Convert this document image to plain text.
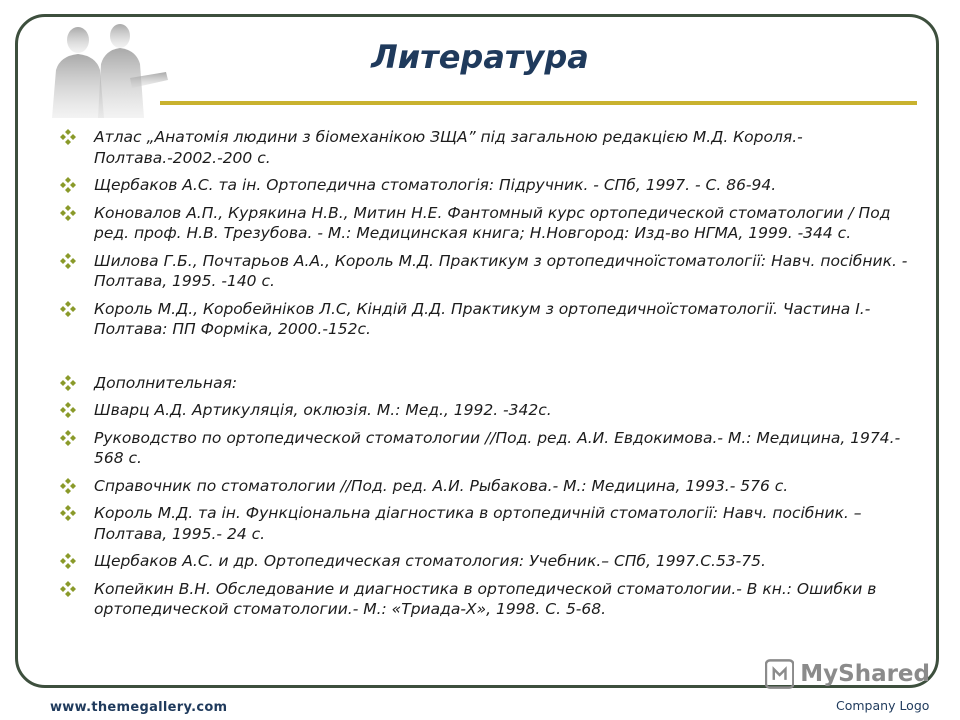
Литература
Атлас „Анатомія людини з біомеханікою ЗЩА” під загальною редакцією М.Д. Короля.- Полтава.-2002.-200 с.
Щербаков А.С. та ін. Ортопедична стоматологія: Підручник. - СПб, 1997. - С. 86-94.
Коновалов А.П., Курякина Н.В., Митин Н.Е. Фантомный курс ортопедической стоматологии / Под ред. проф. Н.В. Трезубова. - М.: Медицинская книга; Н.Новгород: Изд-во НГМА, 1999. -344 с.
Шилова Г.Б., Почтарьов А.А., Король М.Д. Практикум з ортопедичноїстоматології: Навч. посібник. - Полтава, 1995. -140 с.
Король М.Д., Коробейніков Л.С, Кіндій Д.Д. Практикум з ортопедичноїстоматології. Частина І.- Полтава: ПП Форміка, 2000.-152с.
Дополнительная:
Шварц А.Д. Артикуляція, оклюзія. М.: Мед., 1992. -342с.
Руководство по ортопедической стоматологии //Под. ред. А.И. Евдокимова.- М.: Медицина, 1974.- 568 с.
Справочник по стоматологии //Под. ред. А.И. Рыбакова.- М.: Медицина, 1993.- 576 с.
Король М.Д. та ін. Функціональна діагностика в ортопедичній стоматології: Навч. посібник. – Полтава, 1995.- 24 с.
Щербаков А.С. и др. Ортопедическая стоматология: Учебник.– СПб, 1997.С.53-75.
Копейкин В.Н. Обследование и диагностика в ортопедической стоматологии.- В кн.: Ошибки в ортопедической стоматологии.- М.: «Триада-Х», 1998. С. 5-68.
MyShared
www.themegallery.com	Company Logo
